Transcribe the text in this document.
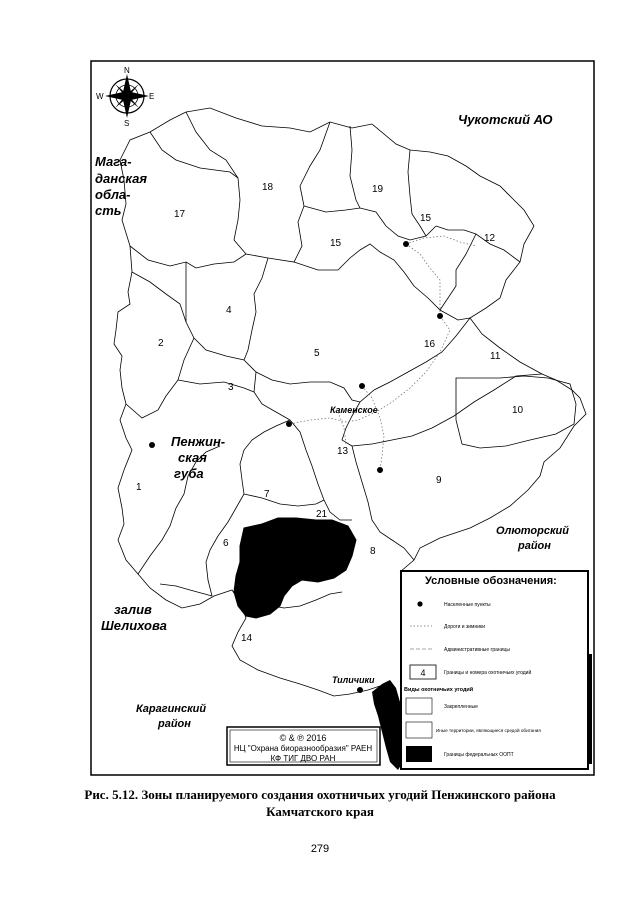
N
S
E
W
Чукотский АО
Мага-
данская
обла-
сть
Пенжин-
ская
губа
залив
Шелихова
Олюторский
район
Карагинский
район
Каменское
Тиличики
1
2
3
4
5
6
7
8
9
10
11
12
13
14
15
15
16
17
18	19
21
© & ℗ 2016
НЦ "Охрана биоразнообразия" РАЕН
КФ ТИГ ДВО РАН
Условные обозначения:
Населенные пункты
Дороги и зимники
Административные границы
4	Границы и номера охотничьих угодий
Виды охотничьих угодий
Закрепленные
Иные территории, являющиеся средой обитания
Границы федеральных ООПТ
Рис. 5.12. Зоны планируемого создания охотничьих угодий Пенжинского района
Камчатского края
279
